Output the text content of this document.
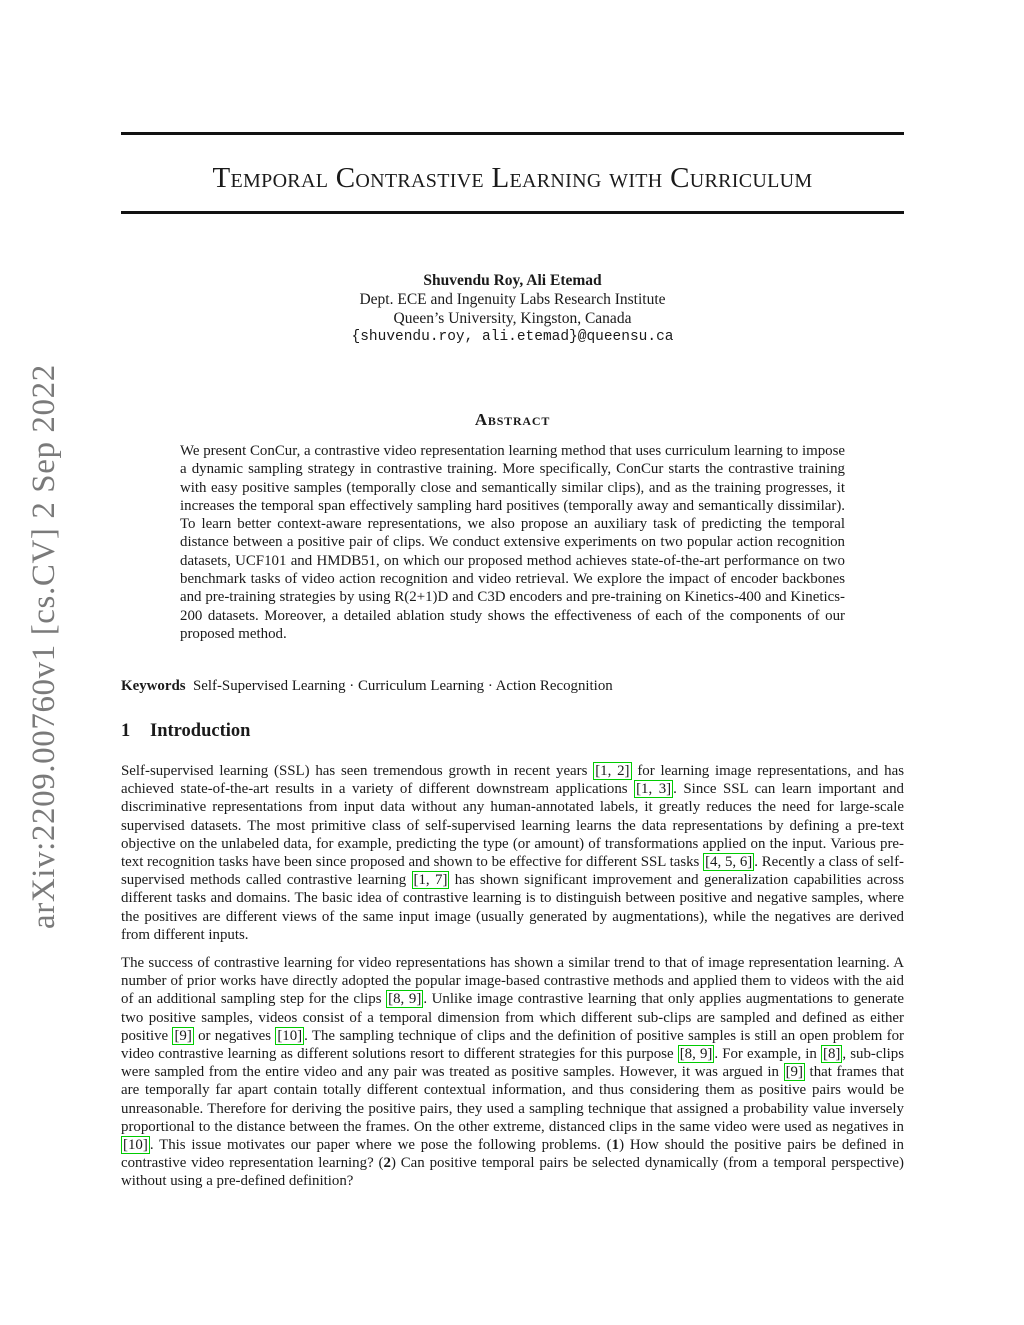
Temporal Contrastive Learning with Curriculum
Shuvendu Roy, Ali Etemad
Dept. ECE and Ingenuity Labs Research Institute
Queen’s University, Kingston, Canada
{shuvendu.roy, ali.etemad}@queensu.ca
arXiv:2209.00760v1 [cs.CV] 2 Sep 2022	Abstract

We present ConCur, a contrastive video representation learning method that uses curriculum learning to impose a dynamic sampling strategy in contrastive training. More specifically, ConCur starts the contrastive training with easy positive samples (temporally close and semantically similar clips), and as the training progresses, it increases the temporal span effectively sampling hard positives (temporally away and semantically dissimilar). To learn better context-aware representations, we also propose an auxiliary task of predicting the temporal distance between a positive pair of clips. We conduct extensive experiments on two popular action recognition datasets, UCF101 and HMDB51, on which our proposed method achieves state-of-the-art performance on two benchmark tasks of video action recognition and video retrieval. We explore the impact of encoder backbones and pre-training strategies by using R(2+1)D and C3D encoders and pre-training on Kinetics-400 and Kinetics-200 datasets. Moreover, a detailed ablation study shows the effectiveness of each of the components of our proposed method.

Keywords Self-Supervised Learning · Curriculum Learning · Action Recognition
1 Introduction

Self-supervised learning (SSL) has seen tremendous growth in recent years [1, 2] for learning image representations, and has achieved state-of-the-art results in a variety of different downstream applications [1, 3] . Since SSL can learn important and discriminative representations from input data without any human-annotated labels, it greatly reduces the need for large-scale supervised datasets. The most primitive class of self-supervised learning learns the data representations by defining a pre-text objective on the unlabeled data, for example, predicting the type (or amount) of transformations applied on the input. Various pre-text recognition tasks have been since proposed and shown to be effective for different SSL tasks [4, 5, 6] . Recently a class of self-supervised methods called contrastive learning [1, 7] has shown significant improvement and generalization capabilities across different tasks and domains. The basic idea of contrastive learning is to distinguish between positive and negative samples, where the positives are different views of the same input image (usually generated by augmentations), while the negatives are derived from different inputs.

The success of contrastive learning for video representations has shown a similar trend to that of image representation learning. A number of prior works have directly adopted the popular image-based contrastive methods and applied them to videos with the aid of an additional sampling step for the clips [8, 9] . Unlike image contrastive learning that only applies augmentations to generate two positive samples, videos consist of a temporal dimension from which different sub-clips are sampled and defined as either positive [9] or negatives [10] . The sampling technique of clips and the definition of positive samples is still an open problem for video contrastive learning as different solutions resort to different strategies for this purpose [8, 9] . For example, in [8] , sub-clips were sampled from the entire video and any pair was treated as positive samples. However, it was argued in [9] that frames that are temporally far apart contain totally different contextual information, and thus considering them as positive pairs would be unreasonable. Therefore for deriving the positive pairs, they used a sampling technique that assigned a probability value inversely proportional to the distance between the frames. On the other extreme, distanced clips in the same video were used as negatives in [10] . This issue motivates our paper where we pose the following problems. (1) How should the positive pairs be defined in contrastive video representation learning? (2) Can positive temporal pairs be selected dynamically (from a temporal perspective) without using a pre-defined definition?
